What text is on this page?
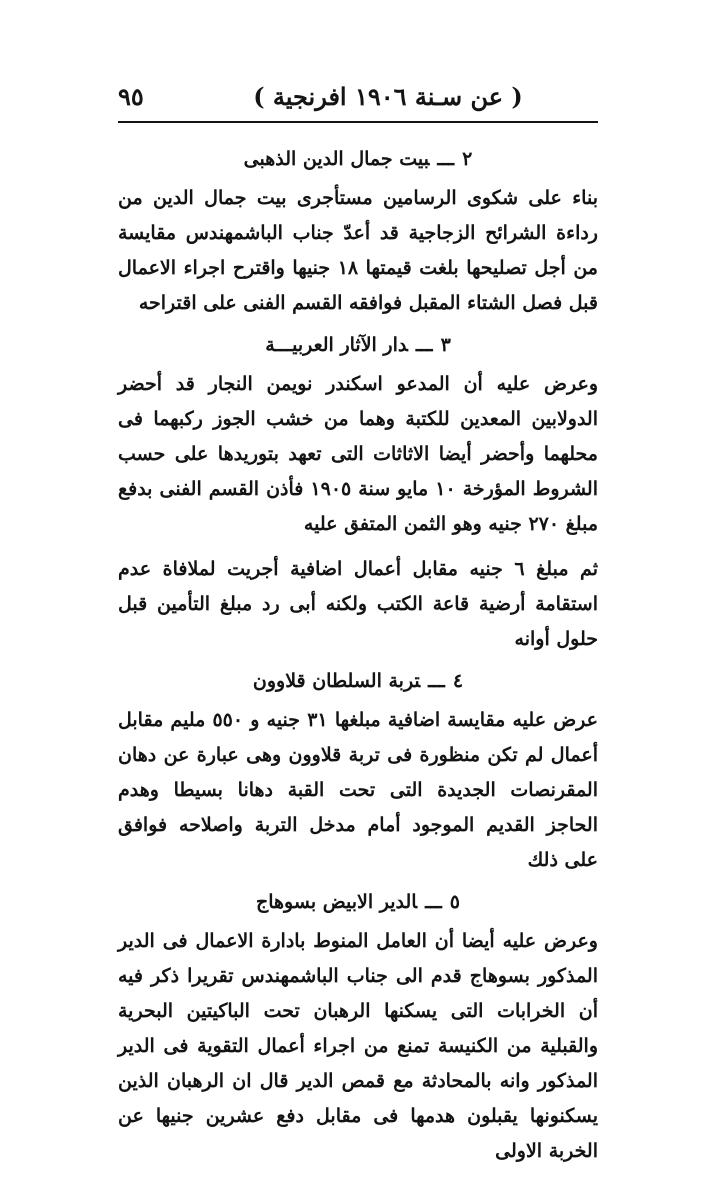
( عن سـنة ١٩٠٦ افرنجية )
٩٥
٢ـــبيت جمال الدين الذهبى

بناء على شكوى الرسامين مستأجرى بيت جمال الدين من رداءة الشرائح الزجاجية قد أعدّ جناب الباشمهندس مقايسة من أجل تصليحها بلغت قيمتها ١٨ جنيها واقترح اجراء الاعمال قبل فصل الشتاء المقبل فوافقه القسم الفنى على اقتراحه

٣ـــدار الآثار العربيـــة

وعرض عليه أن المدعو اسكندر نويمن النجار قد أحضر الدولابين المعدين للكتبة وهما من خشب الجوز ركبهما فى محلهما وأحضر أيضا الاثاثات التى تعهد بتوريدها على حسب الشروط المؤرخة ١٠ مايو سنة ١٩٠٥ فأذن القسم الفنى بدفع مبلغ ٢٧٠ جنيه وهو الثمن المتفق عليه

ثم مبلغ ٦ جنيه مقابل أعمال اضافية أجريت لملافاة عدم استقامة أرضية قاعة الكتب ولكنه أبى رد مبلغ التأمين قبل حلول أوانه

٤ـــتربة السلطان قلاوون

عرض عليه مقايسة اضافية مبلغها ٣١ جنيه و ٥٥٠ مليم مقابل أعمال لم تكن منظورة فى تربة قلاوون وهى عبارة عن دهان المقرنصات الجديدة التى تحت القبة دهانا بسيطا وهدم الحاجز القديم الموجود أمام مدخل التربة واصلاحه فوافق على ذلك

٥ـــالدير الابيض بسوهاج

وعرض عليه أيضا أن العامل المنوط بادارة الاعمال فى الدير المذكور بسوهاج قدم الى جناب الباشمهندس تقريرا ذكر فيه أن الخرابات التى يسكنها الرهبان تحت الباكيتين البحرية والقبلية من الكنيسة تمنع من اجراء أعمال التقوية فى الدير المذكور وانه بالمحادثة مع قمص الدير قال ان الرهبان الذين يسكنونها يقبلون هدمها فى مقابل دفع عشرين جنيها عن الخربة الاولى
